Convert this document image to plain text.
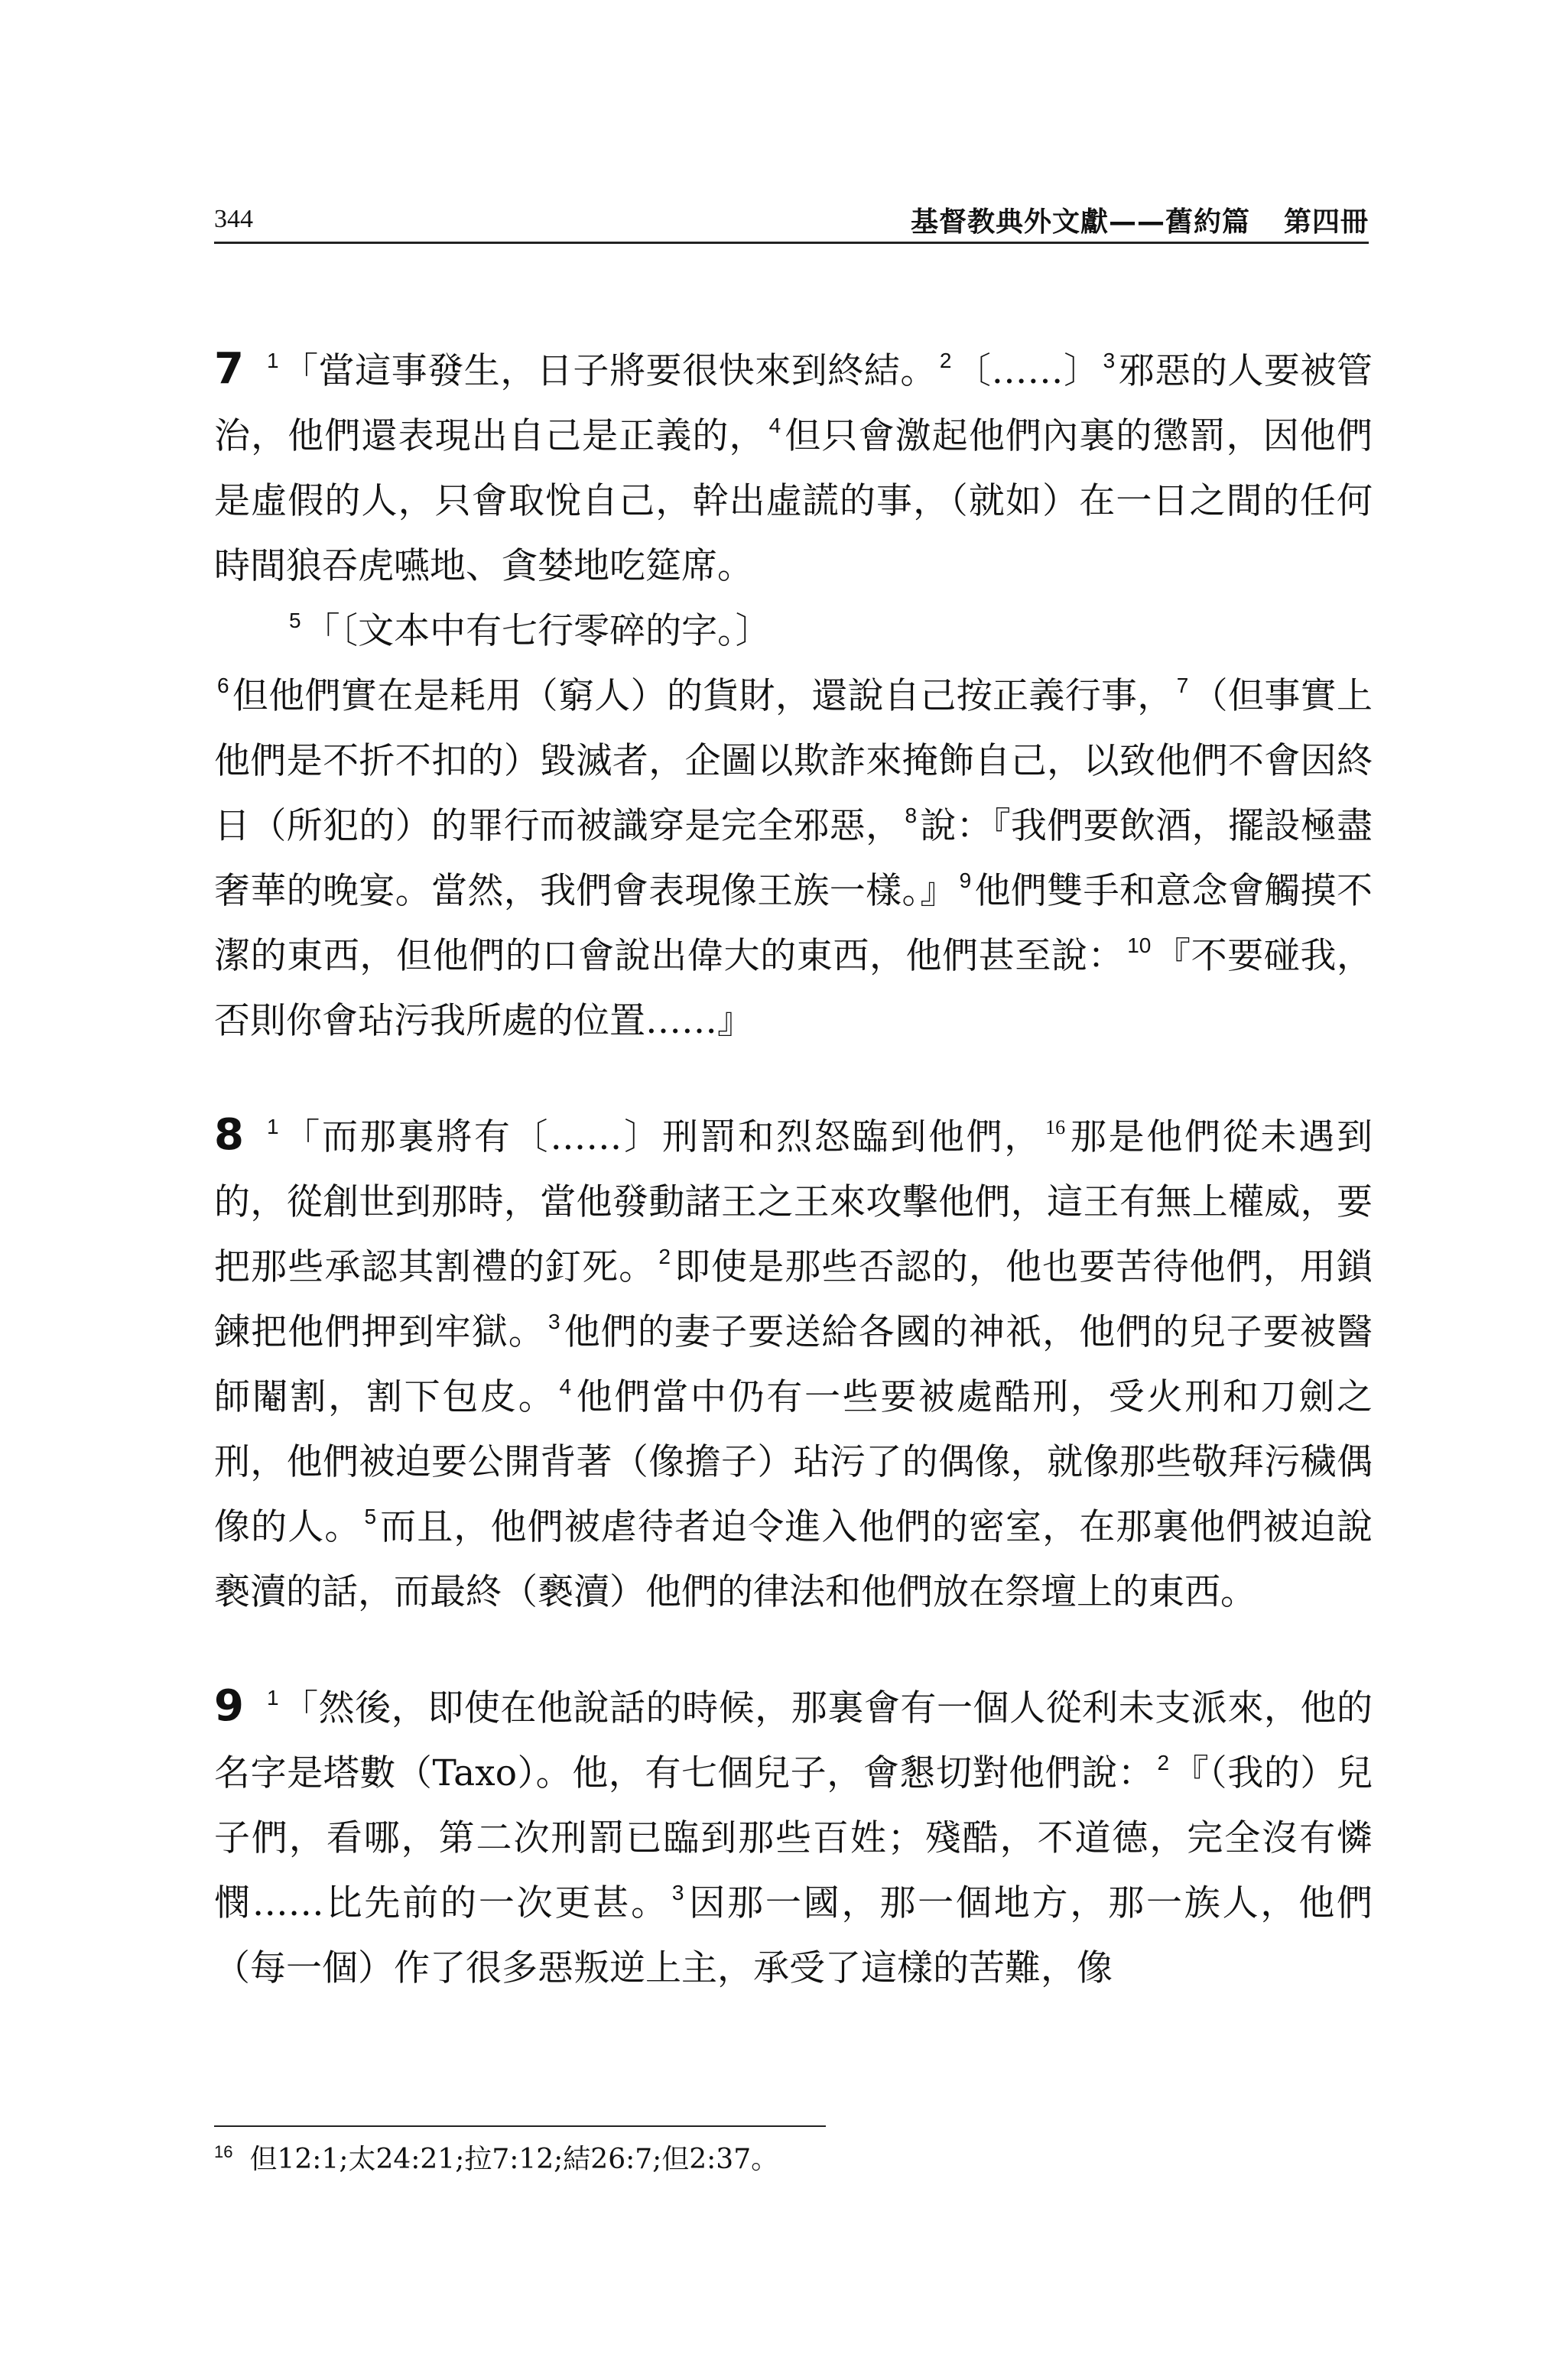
344	基督教典外文獻——舊約篇 第四冊

7 $^1$「當這事發生，日子將要很快來到終結。 $^2$〔……〕 $^3$邪惡的人要被管治，他們還表現出自己是正義的， $^4$但只會激起他們內裏的懲罰，因他們是虛假的人，只會取悅自己，幹出虛謊的事，（就如）在一日之間的任何時間狼吞虎嚥地、貪婪地吃筵席。

$^5$「〔文本中有七行零碎的字。〕

$^6$但他們實在是耗用（窮人）的貨財，還說自己按正義行事， $^7$（但事實上他們是不折不扣的）毀滅者，企圖以欺詐來掩飾自己，以致他們不會因終日（所犯的）的罪行而被識穿是完全邪惡， $^8$說：『我們要飲酒，擺設極盡奢華的晚宴。當然，我們會表現像王族一樣。』 $^9$他們雙手和意念會觸摸不潔的東西，但他們的口會說出偉大的東西，他們甚至說： $^{10}$『不要碰我，否則你會玷污我所處的位置……』

8 $^1$「而那裏將有〔……〕刑罰和烈怒臨到他們， $^{16}$那是他們從未遇到的，從創世到那時，當他發動諸王之王來攻擊他們，這王有無上權威，要把那些承認其割禮的釘死。 $^2$即使是那些否認的，他也要苦待他們，用鎖鍊把他們押到牢獄。 $^3$他們的妻子要送給各國的神祇，他們的兒子要被醫師閹割，割下包皮。 $^4$他們當中仍有一些要被處酷刑，受火刑和刀劍之刑，他們被迫要公開背著（像擔子）玷污了的偶像，就像那些敬拜污穢偶像的人。 $^5$而且，他們被虐待者迫令進入他們的密室，在那裏他們被迫說褻瀆的話，而最終（褻瀆）他們的律法和他們放在祭壇上的東西。

9 $^1$「然後，即使在他說話的時候，那裏會有一個人從利未支派來，他的名字是塔數（Taxo）。他，有七個兒子，會懇切對他們說： $^2$『（我的）兒子們，看哪，第二次刑罰已臨到那些百姓；殘酷，不道德，完全沒有憐憫……比先前的一次更甚。 $^3$因那一國，那一個地方，那一族人，他們（每一個）作了很多惡叛逆上主，承受了這樣的苦難，像

$^{16}$ 但12:1;太24:21;拉7:12;結26:7;但2:37。
